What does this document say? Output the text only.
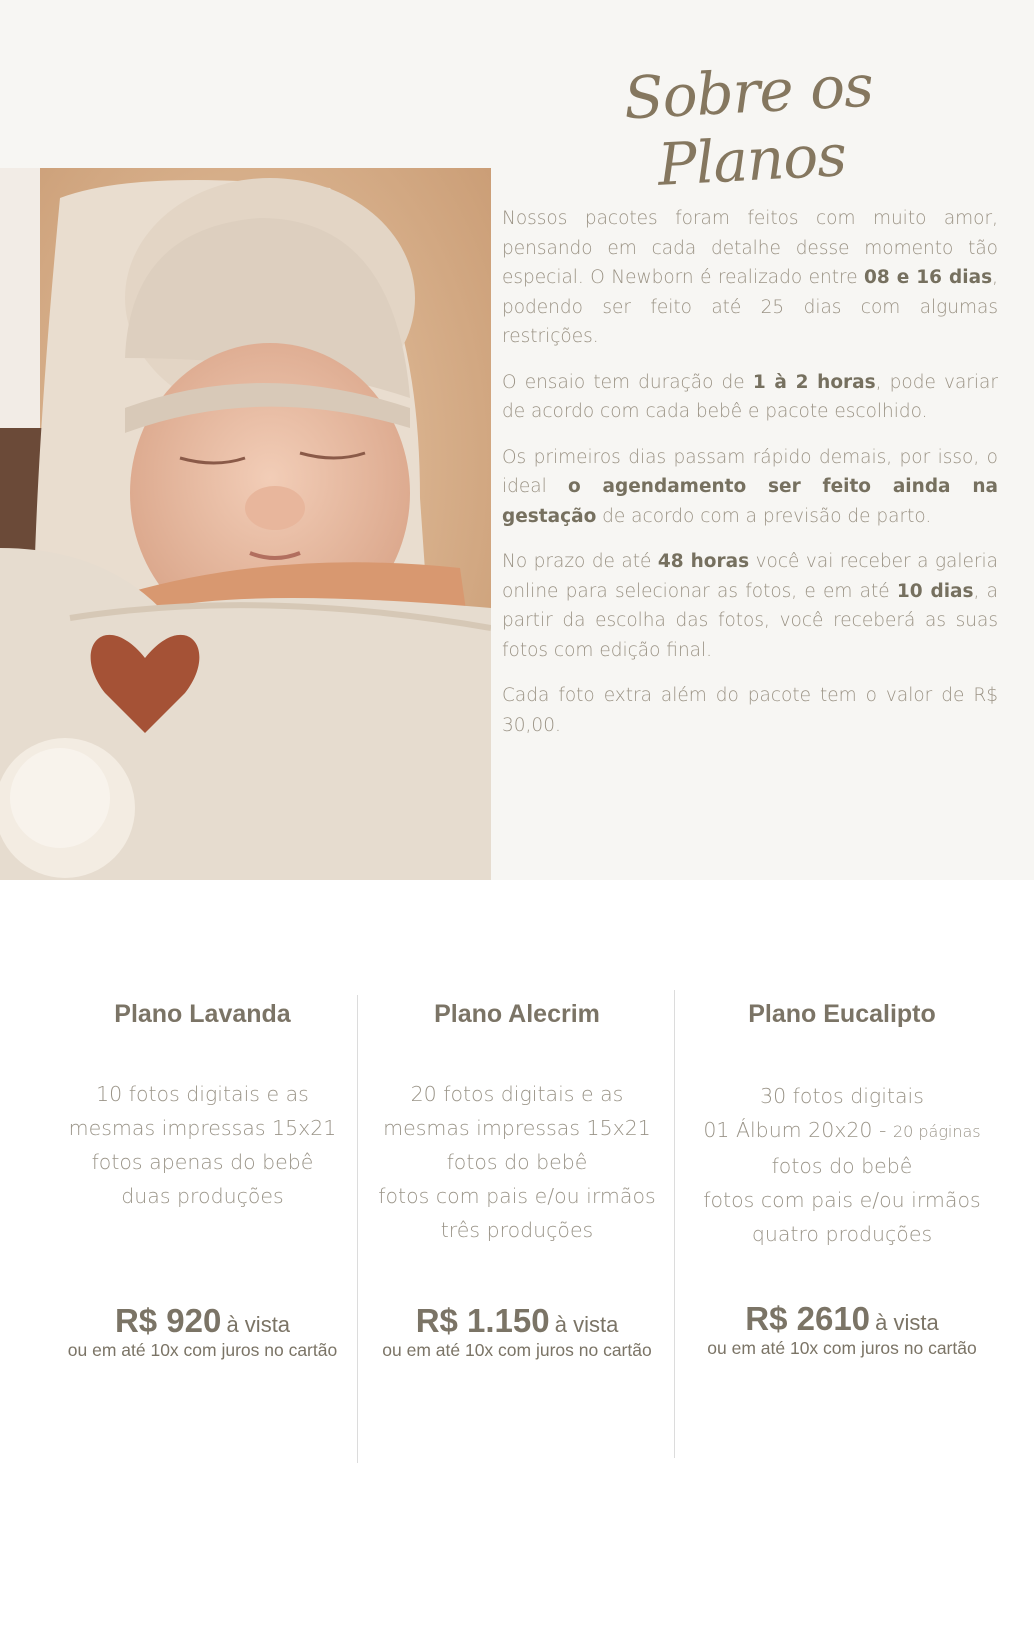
Sobre os Planos

Nossos pacotes foram feitos com muito amor, pensando em cada detalhe desse momento tão especial. O Newborn é realizado entre 08 e 16 dias, podendo ser feito até 25 dias com algumas restrições.

O ensaio tem duração de 1 à 2 horas, pode variar de acordo com cada bebê e pacote escolhido.

Os primeiros dias passam rápido demais, por isso, o ideal o agendamento ser feito ainda na gestação de acordo com a previsão de parto.

No prazo de até 48 horas você vai receber a galeria online para selecionar as fotos, e em até 10 dias, a partir da escolha das fotos, você receberá as suas fotos com edição final.

Cada foto extra além do pacote tem o valor de R$ 30,00.

Plano Lavanda
10 fotos digitais e as
mesmas impressas 15x21
fotos apenas do bebê
duas produções
R$ 920 à vista
ou em até 10x com juros no cartão
Plano Alecrim
20 fotos digitais e as
mesmas impressas 15x21
fotos do bebê
fotos com pais e/ou irmãos
três produções
R$ 1.150 à vista
ou em até 10x com juros no cartão
Plano Eucalipto
30 fotos digitais
01 Álbum 20x20 - 20 páginas
fotos do bebê
fotos com pais e/ou irmãos
quatro produções
R$ 2610 à vista
ou em até 10x com juros no cartão
